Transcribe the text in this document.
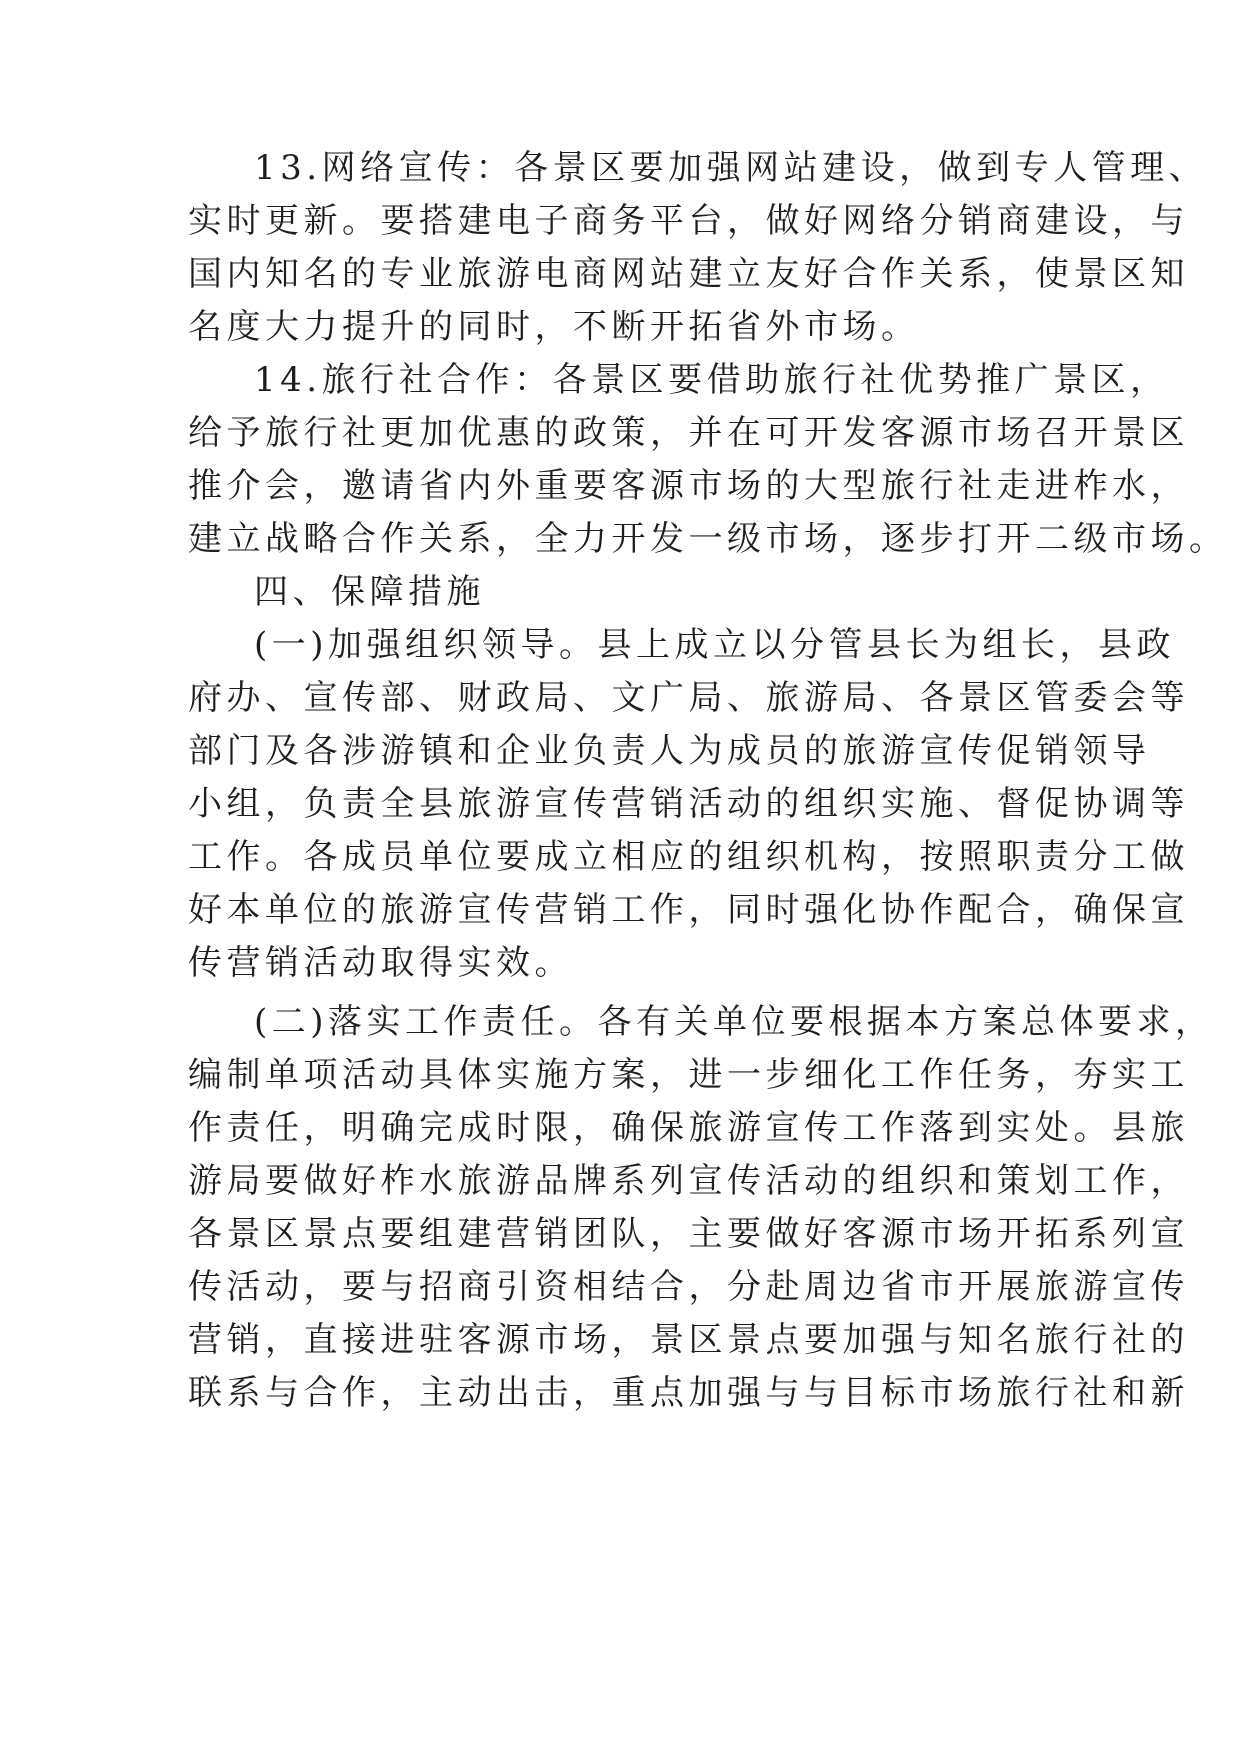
13.网络宣传：各景区要加强网站建设，做到专人管理、
实时更新。要搭建电子商务平台，做好网络分销商建设，与
国内知名的专业旅游电商网站建立友好合作关系，使景区知
名度大力提升的同时，不断开拓省外市场。
14.旅行社合作：各景区要借助旅行社优势推广景区，
给予旅行社更加优惠的政策，并在可开发客源市场召开景区
推介会，邀请省内外重要客源市场的大型旅行社走进柞水，
建立战略合作关系，全力开发一级市场，逐步打开二级市场。
四、保障措施
(一)加强组织领导。县上成立以分管县长为组长，县政
府办、宣传部、财政局、文广局、旅游局、各景区管委会等
部门及各涉游镇和企业负责人为成员的旅游宣传促销领导
小组，负责全县旅游宣传营销活动的组织实施、督促协调等
工作。各成员单位要成立相应的组织机构，按照职责分工做
好本单位的旅游宣传营销工作，同时强化协作配合，确保宣
传营销活动取得实效。
(二)落实工作责任。各有关单位要根据本方案总体要求，
编制单项活动具体实施方案，进一步细化工作任务，夯实工
作责任，明确完成时限，确保旅游宣传工作落到实处。县旅
游局要做好柞水旅游品牌系列宣传活动的组织和策划工作，
各景区景点要组建营销团队，主要做好客源市场开拓系列宣
传活动，要与招商引资相结合，分赴周边省市开展旅游宣传
营销，直接进驻客源市场，景区景点要加强与知名旅行社的
联系与合作，主动出击，重点加强与与目标市场旅行社和新
